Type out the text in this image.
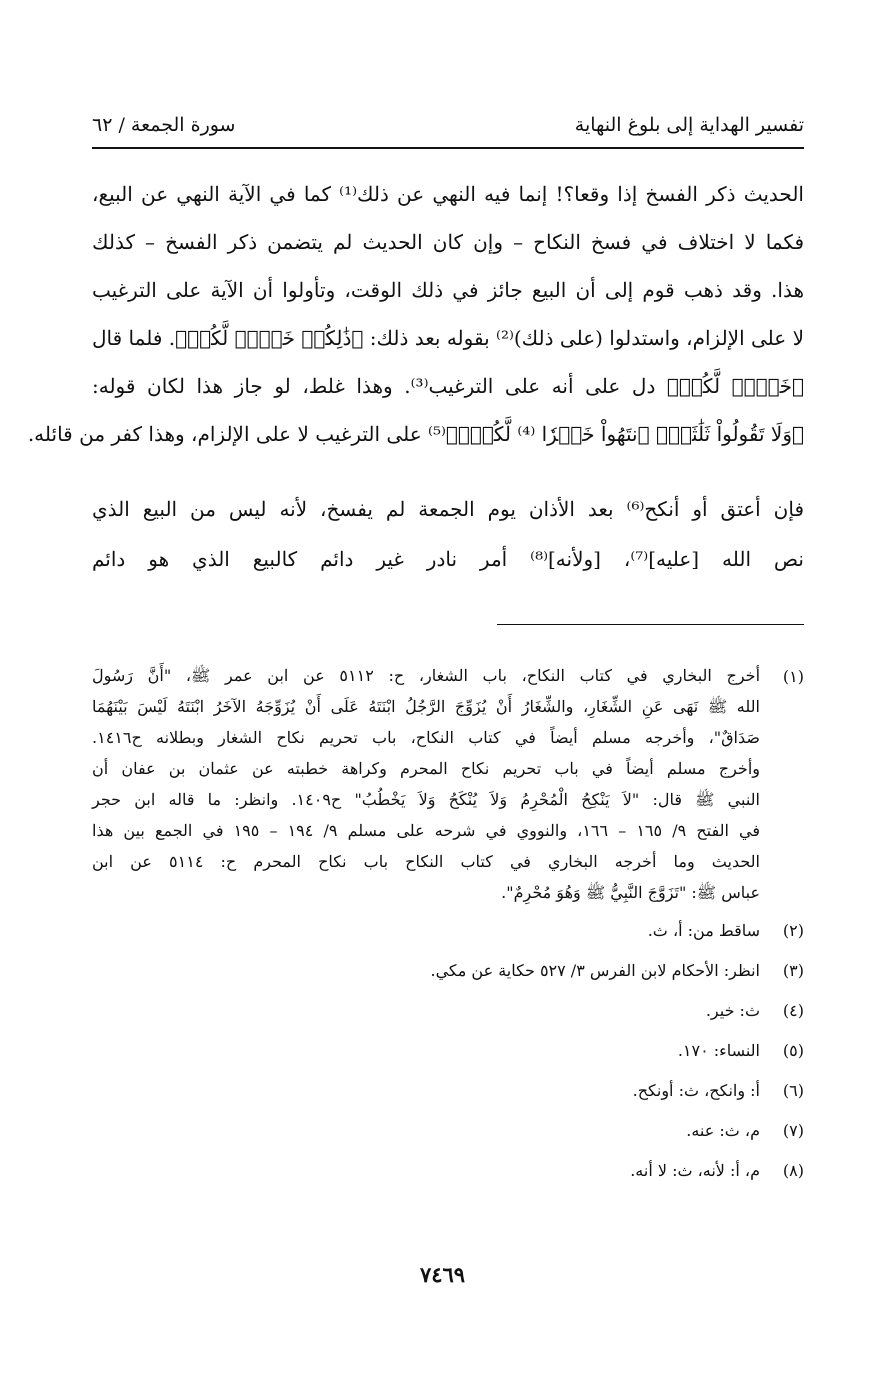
تفسير الهداية إلى بلوغ النهاية
سورة الجمعة / ٦٢
الحديث ذكر الفسخ إذا وقعا؟! إنما فيه النهي عن ذلك⁽¹⁾ كما في الآية النهي عن البيع،
فكما لا اختلاف في فسخ النكاح – وإن كان الحديث لم يتضمن ذكر الفسخ – كذلك
هذا. وقد ذهب قوم إلى أن البيع جائز في ذلك الوقت، وتأولوا أن الآية على الترغيب
لا على الإلزام، واستدلوا (على ذلك)⁽²⁾ بقوله بعد ذلك: ﴿ذَٰلِكُمۡ خَيۡرٞ لَّكُمۡ﴾. فلما قال
﴿خَيۡرٞ لَّكُمۡ﴾ دل على أنه على الترغيب⁽³⁾. وهذا غلط، لو جاز هذا لكان قوله:
﴿وَلَا تَقُولُواْ ثَلَٰثَةٌۚ ٱنتَهُواْ خَيۡرٗا ⁽⁴⁾ لَّكُمۡۚ﴾⁽⁵⁾ على الترغيب لا على الإلزام، وهذا كفر من قائله.
فإن أعتق أو أنكح⁽⁶⁾ بعد الأذان يوم الجمعة لم يفسخ، لأنه ليس من البيع الذي
نص الله [عليه]⁽⁷⁾، [ولأنه]⁽⁸⁾ أمر نادر غير دائم كالبيع الذي هو دائم
(١)
أخرج البخاري في كتاب النكاح، باب الشغار، ح: ٥١١٢ عن ابن عمر ﷺ، "أَنَّ رَسُولَ
الله ﷺ نَهَى عَنِ الشِّغَارِ، والشِّغَارُ أَنْ يُزَوِّجَ الرَّجُلُ ابْنَتَهُ عَلَى أَنْ يُزَوِّجَهُ الآخَرُ ابْنَتَهُ لَيْسَ بَيْنَهُمَا
صَدَاقٌ"، وأخرجه مسلم أيضاً في كتاب النكاح، باب تحريم نكاح الشغار وبطلانه ح١٤١٦.
وأخرج مسلم أيضاً في باب تحريم نكاح المحرم وكراهة خطبته عن عثمان بن عفان أن
النبي ﷺ قال: "لاَ يَنْكِحُ الْمُحْرِمُ وَلاَ يُنْكَحُ وَلاَ يَخْطُبُ" ح١٤٠٩. وانظر: ما قاله ابن حجر
في الفتح ٩/ ١٦٥ – ١٦٦، والنووي في شرحه على مسلم ٩/ ١٩٤ – ١٩٥ في الجمع بين هذا
الحديث وما أخرجه البخاري في كتاب النكاح باب نكاح المحرم ح: ٥١١٤ عن ابن
عباس ﷺ: "تَزَوَّجَ النَّبِيُّ ﷺ وَهُوَ مُحْرِمٌ".
(٢)
ساقط من: أ، ث.
(٣)
انظر: الأحكام لابن الفرس ٣/ ٥٢٧ حكاية عن مكي.
(٤)
ث: خير.
(٥)
النساء: ١٧٠.
(٦)
أ: وانكح، ث: أونكح.
(٧)
م، ث: عنه.
(٨)
م، أ: لأنه، ث: لا أنه.
٧٤٦٩
